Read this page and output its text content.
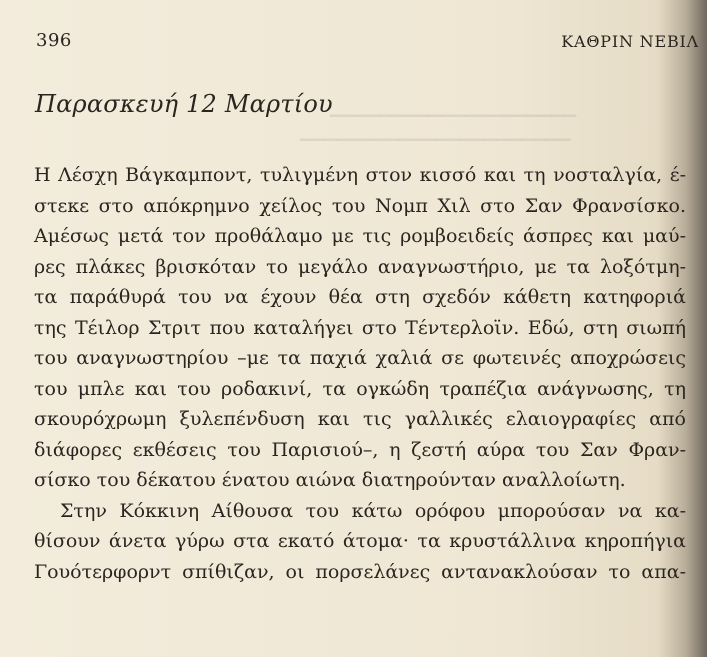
▁▁▁▁▁▁▁▁▁▁▁▁▁▁▁▁▁▁▁▁
▁▁▁▁▁▁▁▁▁▁▁▁▁▁▁▁▁▁▁▁▁▁
396	ΚΑΘΡΙΝ ΝΕΒΙΛ
Παρασκευή 12 Μαρτίου
Η Λέσχη Βάγκαμποντ, τυλιγμένη στον κισσό και τη νοσταλγία, έ-
στεκε στο απόκρημνο χείλος του Νομπ Χιλ στο Σαν Φρανσίσκο.
Αμέσως μετά τον προθάλαμο με τις ρομβοειδείς άσπρες και μαύ-
ρες πλάκες βρισκόταν το μεγάλο αναγνωστήριο, με τα λοξότμη-
τα παράθυρά του να έχουν θέα στη σχεδόν κάθετη κατηφοριά
της Τέιλορ Στριτ που καταλήγει στο Τέντερλοϊν. Εδώ, στη σιωπή
του αναγνωστηρίου –με τα παχιά χαλιά σε φωτεινές αποχρώσεις
του μπλε και του ροδακινί, τα ογκώδη τραπέζια ανάγνωσης, τη
σκουρόχρωμη ξυλεπένδυση και τις γαλλικές ελαιογραφίες από
διάφορες εκθέσεις του Παρισιού–, η ζεστή αύρα του Σαν Φραν-
σίσκο του δέκατου ένατου αιώνα διατηρούνταν αναλλοίωτη.
Στην Κόκκινη Αίθουσα του κάτω ορόφου μπορούσαν να κα-
θίσουν άνετα γύρω στα εκατό άτομα· τα κρυστάλλινα κηροπήγια
Γουότερφορντ σπίθιζαν, οι πορσελάνες αντανακλούσαν το απα-
